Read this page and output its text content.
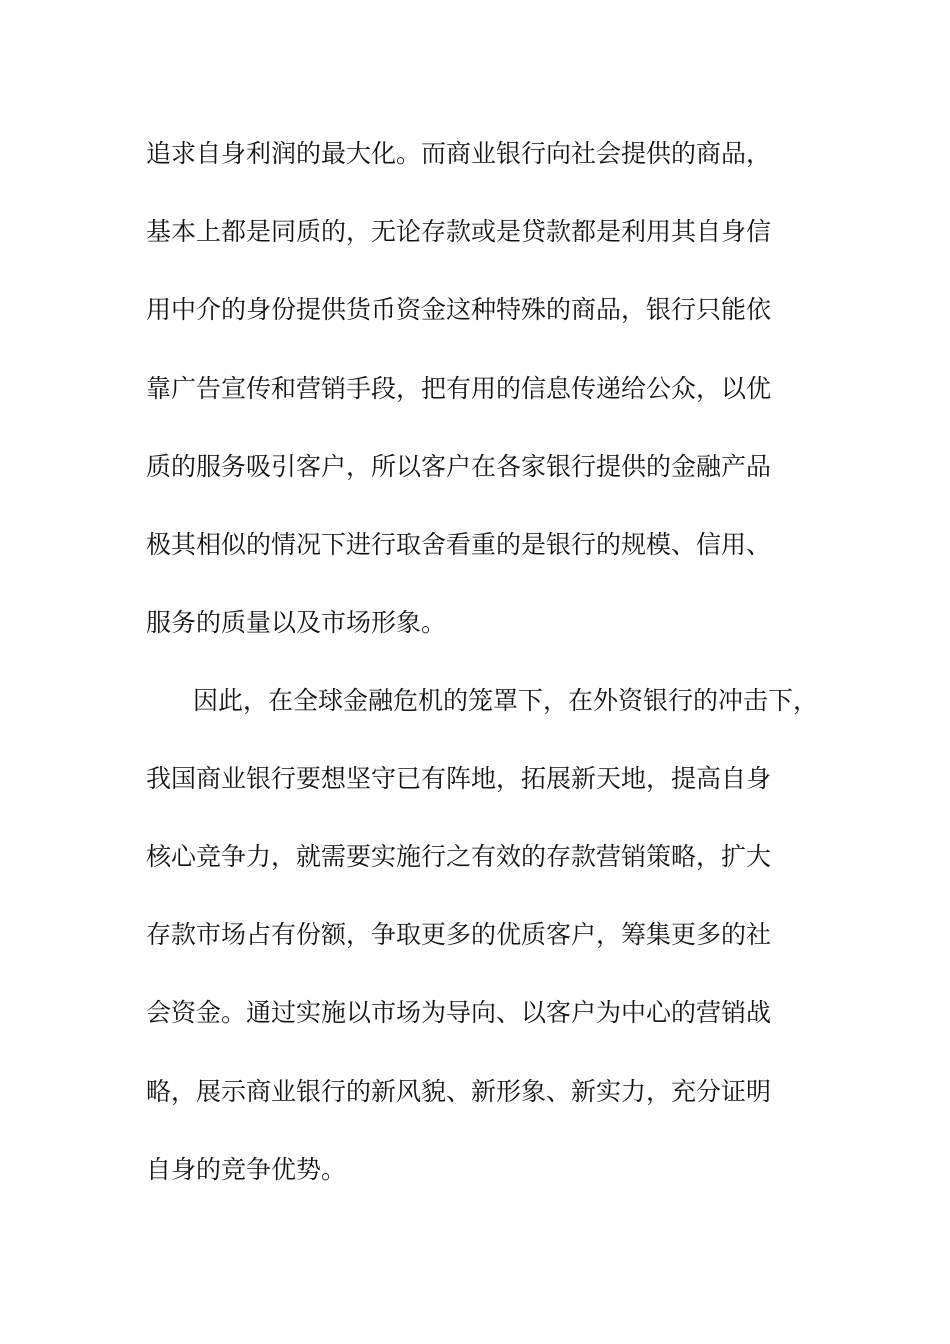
追求自身利润的最大化。而商业银行向社会提供的商品，

基本上都是同质的，无论存款或是贷款都是利用其自身信

用中介的身份提供货币资金这种特殊的商品，银行只能依

靠广告宣传和营销手段，把有用的信息传递给公众，以优

质的服务吸引客户，所以客户在各家银行提供的金融产品

极其相似的情况下进行取舍看重的是银行的规模、信用、

服务的质量以及市场形象。

因此，在全球金融危机的笼罩下，在外资银行的冲击下，

我国商业银行要想坚守已有阵地，拓展新天地，提高自身

核心竞争力，就需要实施行之有效的存款营销策略，扩大

存款市场占有份额，争取更多的优质客户，筹集更多的社

会资金。通过实施以市场为导向、以客户为中心的营销战

略，展示商业银行的新风貌、新形象、新实力，充分证明

自身的竞争优势。
